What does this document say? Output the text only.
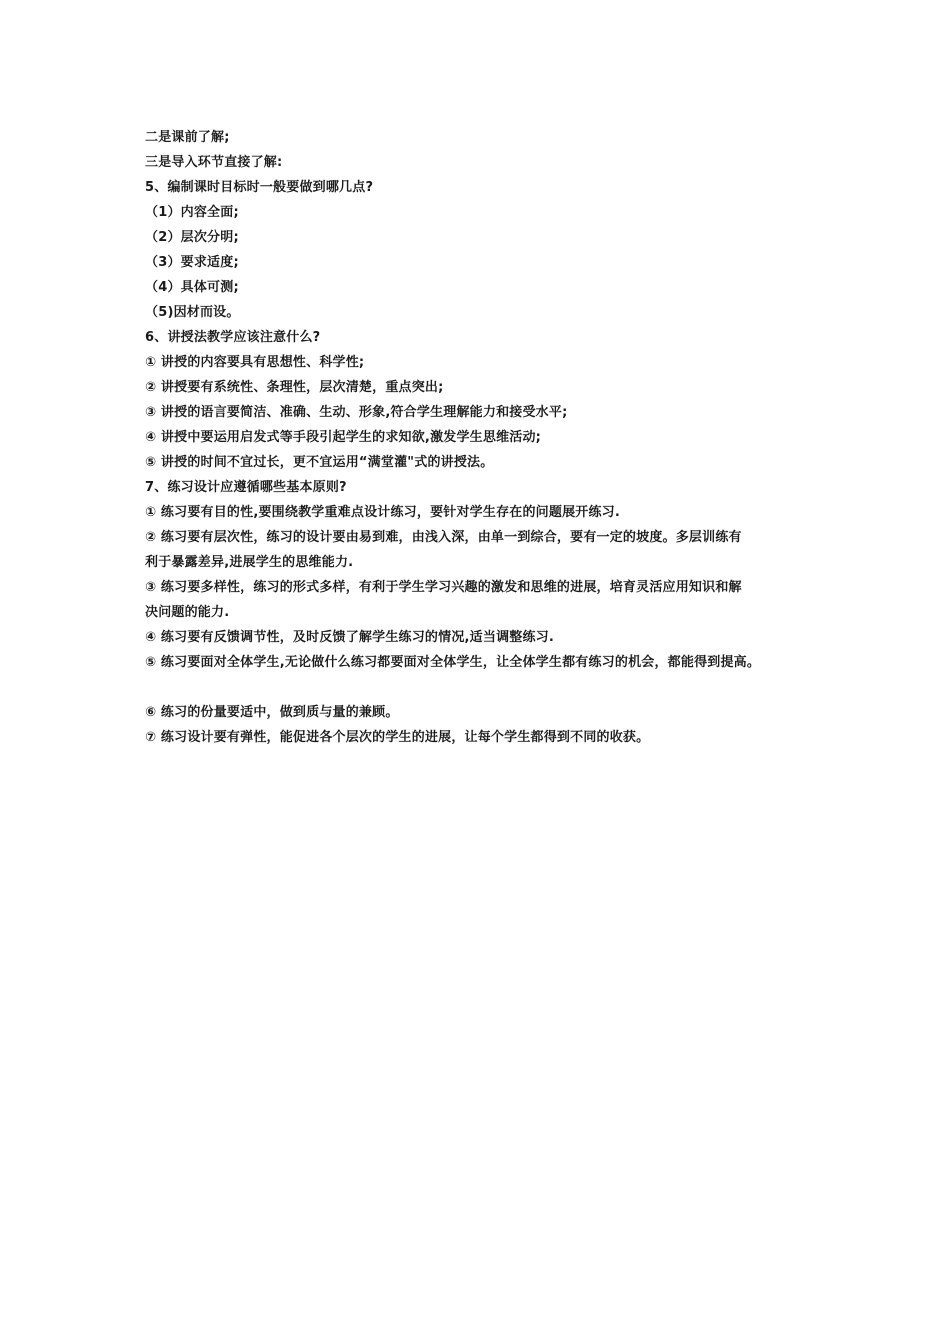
二是课前了解;
三是导入环节直接了解:
5、编制课时目标时一般要做到哪几点?
（1）内容全面;
（2）层次分明;
（3）要求适度;
（4）具体可测;
（5)因材而设。
6、讲授法教学应该注意什么?
① 讲授的内容要具有思想性、科学性;
② 讲授要有系统性、条理性，层次清楚，重点突出;
③ 讲授的语言要简洁、准确、生动、形象,符合学生理解能力和接受水平;
④ 讲授中要运用启发式等手段引起学生的求知欲,激发学生思维活动;
⑤ 讲授的时间不宜过长，更不宜运用“满堂灌"式的讲授法。
7、练习设计应遵循哪些基本原则?
① 练习要有目的性,要围绕教学重难点设计练习，要针对学生存在的问题展开练习.
② 练习要有层次性，练习的设计要由易到难，由浅入深，由单一到综合，要有一定的坡度。多层训练有
利于暴露差异,进展学生的思维能力.
③ 练习要多样性，练习的形式多样，有利于学生学习兴趣的激发和思维的进展，培育灵活应用知识和解
决问题的能力.
④ 练习要有反馈调节性，及时反馈了解学生练习的情况,适当调整练习.
⑤ 练习要面对全体学生,无论做什么练习都要面对全体学生，让全体学生都有练习的机会，都能得到提高。
⑥ 练习的份量要适中，做到质与量的兼顾。
⑦ 练习设计要有弹性，能促进各个层次的学生的进展，让每个学生都得到不同的收获。
